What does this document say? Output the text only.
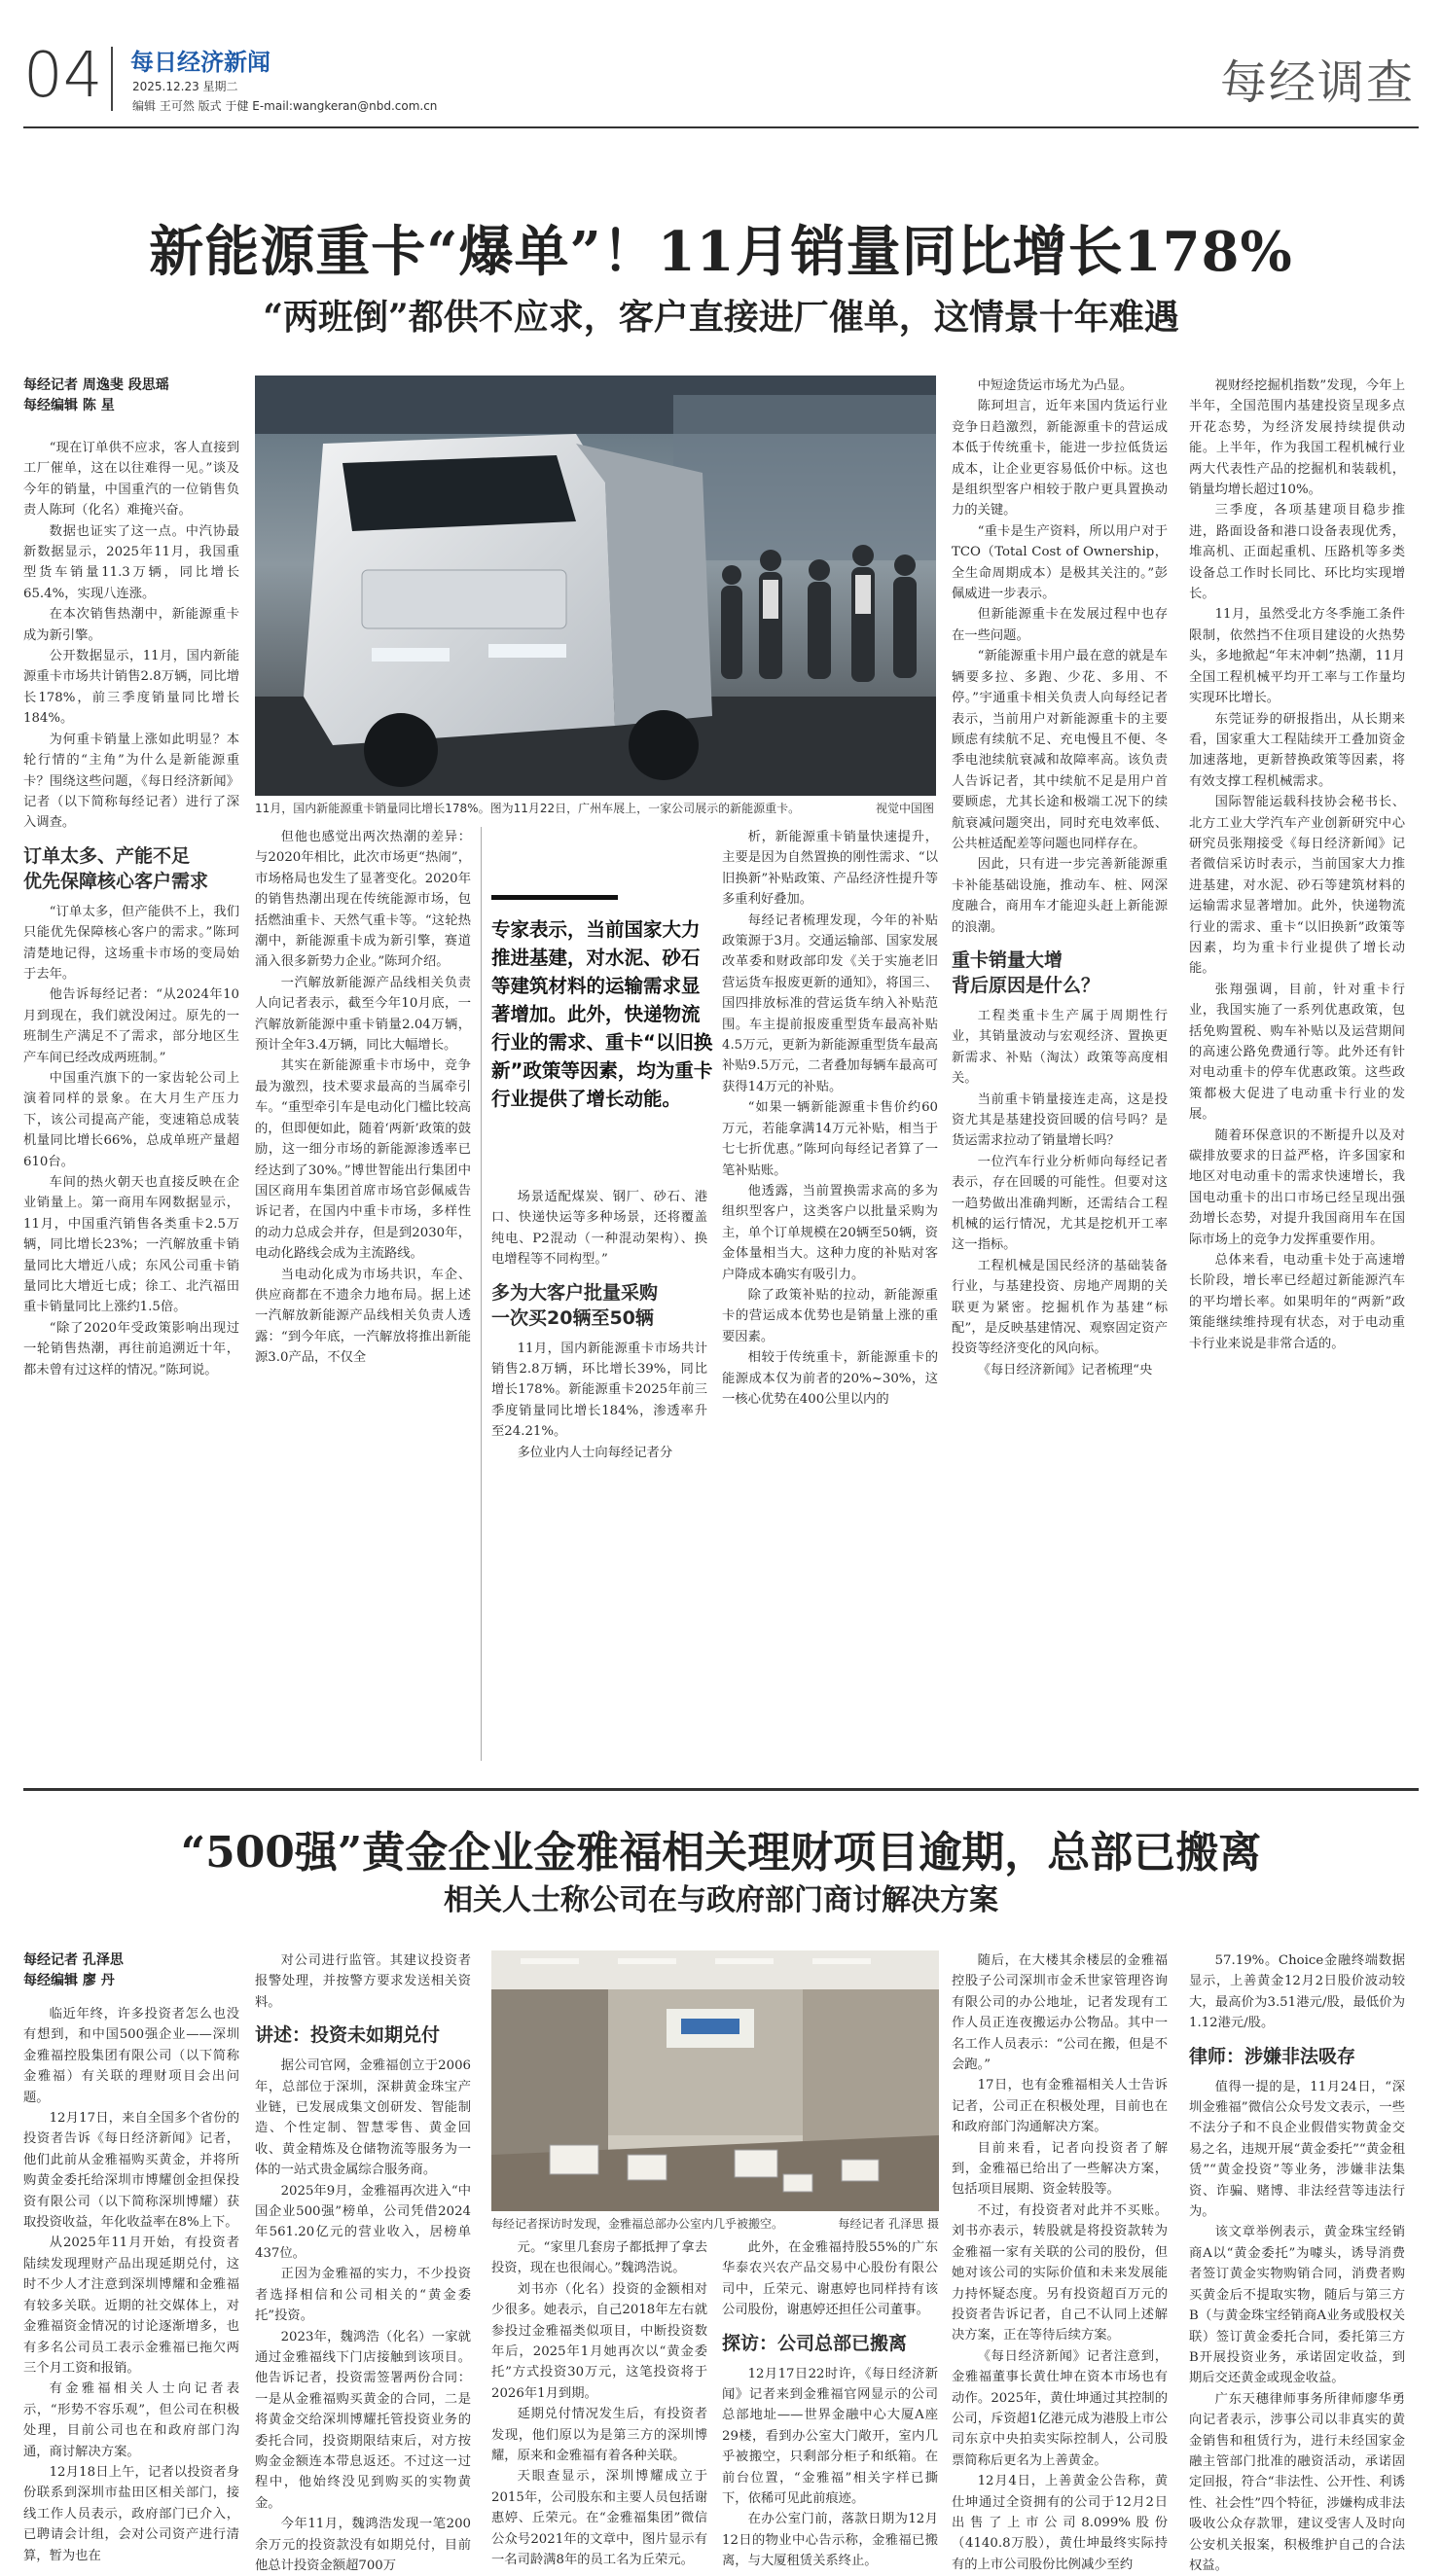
04 每日经济新闻
2025.12.23 星期二
编辑 王可然 版式 于健 E-mail:wangkeran@nbd.com.cn	每经调查
新能源重卡“爆单”！11月销量同比增长178%
“两班倒”都供不应求，客户直接进厂催单，这情景十年难遇
每经记者 周逸斐 段思瑶
每经编辑 陈 星

“现在订单供不应求，客人直接到工厂催单，这在以往难得一见。”谈及今年的销量，中国重汽的一位销售负责人陈珂（化名）难掩兴奋。

数据也证实了这一点。中汽协最新数据显示，2025年11月，我国重型货车销量11.3万辆，同比增长65.4%，实现八连涨。

在本次销售热潮中，新能源重卡成为新引擎。

公开数据显示，11月，国内新能源重卡市场共计销售2.8万辆，同比增长178%，前三季度销量同比增长184%。

为何重卡销量上涨如此明显？本轮行情的“主角”为什么是新能源重卡？围绕这些问题，《每日经济新闻》记者（以下简称每经记者）进行了深入调查。

订单太多、产能不足
优先保障核心客户需求

“订单太多，但产能供不上，我们只能优先保障核心客户的需求。”陈珂清楚地记得，这场重卡市场的变局始于去年。

他告诉每经记者：“从2024年10月到现在，我们就没闲过。原先的一班制生产满足不了需求，部分地区生产车间已经改成两班制。”

中国重汽旗下的一家齿轮公司上演着同样的景象。在大月生产压力下，该公司提高产能，变速箱总成装机量同比增长66%，总成单班产量超610台。

车间的热火朝天也直接反映在企业销量上。第一商用车网数据显示，11月，中国重汽销售各类重卡2.5万辆，同比增长23%；一汽解放重卡销量同比大增近八成；东风公司重卡销量同比大增近七成；徐工、北汽福田重卡销量同比上涨约1.5倍。

“除了2020年受政策影响出现过一轮销售热潮，再往前追溯近十年，都未曾有过这样的情况。”陈珂说。

11月，国内新能源重卡销量同比增长178%。图为11月22日，广州车展上，一家公司展示的新能源重卡。	视觉中国图

但他也感觉出两次热潮的差异：与2020年相比，此次市场更“热闹”，市场格局也发生了显著变化。2020年的销售热潮出现在传统能源市场，包括燃油重卡、天然气重卡等。“这轮热潮中，新能源重卡成为新引擎，赛道涌入很多新势力企业。”陈珂介绍。

一汽解放新能源产品线相关负责人向记者表示，截至今年10月底，一汽解放新能源中重卡销量2.04万辆，预计全年3.4万辆，同比大幅增长。

其实在新能源重卡市场中，竞争最为激烈，技术要求最高的当属牵引车。“重型牵引车是电动化门槛比较高的，但即便如此，随着‘两新’政策的鼓励，这一细分市场的新能源渗透率已经达到了30%。”博世智能出行集团中国区商用车集团首席市场官彭佩威告诉记者，在国内中重卡市场，多样性的动力总成会并存，但是到2030年，电动化路线会成为主流路线。

当电动化成为市场共识，车企、供应商都在不遗余力地布局。据上述一汽解放新能源产品线相关负责人透露：“到今年底，一汽解放将推出新能源3.0产品，不仅全

专家表示，当前国家大力推进基建，对水泥、砂石等建筑材料的运输需求显著增加。此外，快递物流行业的需求、重卡“以旧换新”政策等因素，均为重卡行业提供了增长动能。

场景适配煤炭、钢厂、砂石、港口、快递快运等多种场景，还将覆盖纯电、P2混动（一种混动架构）、换电增程等不同构型。”

多为大客户批量采购
一次买20辆至50辆

11月，国内新能源重卡市场共计销售2.8万辆，环比增长39%，同比增长178%。新能源重卡2025年前三季度销量同比增长184%，渗透率升至24.21%。

多位业内人士向每经记者分

析，新能源重卡销量快速提升，主要是因为自然置换的刚性需求、“以旧换新”补贴政策、产品经济性提升等多重利好叠加。

每经记者梳理发现，今年的补贴政策源于3月。交通运输部、国家发展改革委和财政部印发《关于实施老旧营运货车报废更新的通知》，将国三、国四排放标准的营运货车纳入补贴范围。车主提前报废重型货车最高补贴4.5万元，更新为新能源重型货车最高补贴9.5万元，二者叠加每辆车最高可获得14万元的补贴。

“如果一辆新能源重卡售价约60万元，若能拿满14万元补贴，相当于七七折优惠。”陈珂向每经记者算了一笔补贴账。

他透露，当前置换需求高的多为组织型客户，这类客户以批量采购为主，单个订单规模在20辆至50辆，资金体量相当大。这种力度的补贴对客户降成本确实有吸引力。

除了政策补贴的拉动，新能源重卡的营运成本优势也是销量上涨的重要因素。

相较于传统重卡，新能源重卡的能源成本仅为前者的20%~30%，这一核心优势在400公里以内的

中短途货运市场尤为凸显。

陈珂坦言，近年来国内货运行业竞争日趋激烈，新能源重卡的营运成本低于传统重卡，能进一步拉低货运成本，让企业更容易低价中标。这也是组织型客户相较于散户更具置换动力的关键。

“重卡是生产资料，所以用户对于TCO（Total Cost of Ownership，全生命周期成本）是极其关注的。”彭佩威进一步表示。

但新能源重卡在发展过程中也存在一些问题。

“新能源重卡用户最在意的就是车辆要多拉、多跑、少花、多用、不停。”宇通重卡相关负责人向每经记者表示，当前用户对新能源重卡的主要顾虑有续航不足、充电慢且不便、冬季电池续航衰减和故障率高。该负责人告诉记者，其中续航不足是用户首要顾虑，尤其长途和极端工况下的续航衰减问题突出，同时充电效率低、公共桩适配差等问题也同样存在。

因此，只有进一步完善新能源重卡补能基础设施，推动车、桩、网深度融合，商用车才能迎头赶上新能源的浪潮。

重卡销量大增
背后原因是什么？

工程类重卡生产属于周期性行业，其销量波动与宏观经济、置换更新需求、补贴（淘汰）政策等高度相关。

当前重卡销量接连走高，这是投资尤其是基建投资回暖的信号吗？是货运需求拉动了销量增长吗？

一位汽车行业分析师向每经记者表示，存在回暖的可能性。但要对这一趋势做出准确判断，还需结合工程机械的运行情况，尤其是挖机开工率这一指标。

工程机械是国民经济的基础装备行业，与基建投资、房地产周期的关联更为紧密。挖掘机作为基建“标配”，是反映基建情况、观察固定资产投资等经济变化的风向标。

《每日经济新闻》记者梳理“央

视财经挖掘机指数”发现，今年上半年，全国范围内基建投资呈现多点开花态势，为经济发展持续提供动能。上半年，作为我国工程机械行业两大代表性产品的挖掘机和装载机，销量均增长超过10%。

三季度，各项基建项目稳步推进，路面设备和港口设备表现优秀，堆高机、正面起重机、压路机等多类设备总工作时长同比、环比均实现增长。

11月，虽然受北方冬季施工条件限制，依然挡不住项目建设的火热势头，多地掀起“年末冲刺”热潮，11月全国工程机械平均开工率与工作量均实现环比增长。

东莞证券的研报指出，从长期来看，国家重大工程陆续开工叠加资金加速落地，更新替换政策等因素，将有效支撑工程机械需求。

国际智能运载科技协会秘书长、北方工业大学汽车产业创新研究中心研究员张翔接受《每日经济新闻》记者微信采访时表示，当前国家大力推进基建，对水泥、砂石等建筑材料的运输需求显著增加。此外，快递物流行业的需求、重卡“以旧换新”政策等因素，均为重卡行业提供了增长动能。

张翔强调，目前，针对重卡行业，我国实施了一系列优惠政策，包括免购置税、购车补贴以及运营期间的高速公路免费通行等。此外还有针对电动重卡的停车优惠政策。这些政策都极大促进了电动重卡行业的发展。

随着环保意识的不断提升以及对碳排放要求的日益严格，许多国家和地区对电动重卡的需求快速增长，我国电动重卡的出口市场已经呈现出强劲增长态势，对提升我国商用车在国际市场上的竞争力发挥重要作用。

总体来看，电动重卡处于高速增长阶段，增长率已经超过新能源汽车的平均增长率。如果明年的“两新”政策能继续维持现有状态，对于电动重卡行业来说是非常合适的。

“500强”黄金企业金雅福相关理财项目逾期，总部已搬离
相关人士称公司在与政府部门商讨解决方案
每经记者 孔泽思
每经编辑 廖 丹

临近年终，许多投资者怎么也没有想到，和中国500强企业——深圳金雅福控股集团有限公司（以下简称金雅福）有关联的理财项目会出问题。

12月17日，来自全国多个省份的投资者告诉《每日经济新闻》记者，他们此前从金雅福购买黄金，并将所购黄金委托给深圳市博耀创金担保投资有限公司（以下简称深圳博耀）获取投资收益，年化收益率在8%上下。

从2025年11月开始，有投资者陆续发现理财产品出现延期兑付，这时不少人才注意到深圳博耀和金雅福有较多关联。近期的社交媒体上，对金雅福资金情况的讨论逐渐增多，也有多名公司员工表示金雅福已拖欠两三个月工资和报销。

有金雅福相关人士向记者表示，“形势不容乐观”，但公司在积极处理，目前公司也在和政府部门沟通，商讨解决方案。

12月18日上午，记者以投资者身份联系到深圳市盐田区相关部门，接线工作人员表示，政府部门已介入，已聘请会计组，会对公司资产进行清算，暂为也在

对公司进行监管。其建议投资者报警处理，并按警方要求发送相关资料。

讲述：投资未如期兑付

据公司官网，金雅福创立于2006年，总部位于深圳，深耕黄金珠宝产业链，已发展成集文创研发、智能制造、个性定制、智慧零售、黄金回收、黄金精炼及仓储物流等服务为一体的一站式贵金属综合服务商。

2025年9月，金雅福再次进入“中国企业500强”榜单，公司凭借2024年561.20亿元的营业收入，居榜单437位。

正因为金雅福的实力，不少投资者选择相信和公司相关的“黄金委托”投资。

2023年，魏鸿浩（化名）一家就通过金雅福线下门店接触到该项目。他告诉记者，投资需签署两份合同：一是从金雅福购买黄金的合同，二是将黄金交给深圳博耀托管投资业务的委托合同，投资期限结束后，对方按购金金额连本带息返还。不过这一过程中，他始终没见到购买的实物黄金。

今年11月，魏鸿浩发现一笔200余万元的投资款没有如期兑付，目前他总计投资金额超700万

每经记者探访时发现，金雅福总部办公室内几乎被搬空。	每经记者 孔泽思 摄

元。“家里几套房子都抵押了拿去投资，现在也很闹心。”魏鸿浩说。

刘书亦（化名）投资的金额相对少很多。她表示，自己2018年左右就参投过金雅福类似项目，中断投资数年后，2025年1月她再次以“黄金委托”方式投资30万元，这笔投资将于2026年1月到期。

延期兑付情况发生后，有投资者发现，他们原以为是第三方的深圳博耀，原来和金雅福有着各种关联。

天眼查显示，深圳博耀成立于2015年，公司股东和主要人员包括谢惠婷、丘荣元。在“金雅福集团”微信公众号2021年的文章中，图片显示有一名司龄满8年的员工名为丘荣元。

此外，在金雅福持股55%的广东华泰农兴农产品交易中心股份有限公司中，丘荣元、谢惠婷也同样持有该公司股份，谢惠婷还担任公司董事。

探访：公司总部已搬离

12月17日22时许，《每日经济新闻》记者来到金雅福官网显示的公司总部地址——世界金融中心大厦A座29楼，看到办公室大门敞开，室内几乎被搬空，只剩部分柜子和纸箱。在前台位置，“金雅福”相关字样已撕下，依稀可见此前痕迹。

在办公室门前，落款日期为12月12日的物业中心告示称，金雅福已搬离，与大厦租赁关系终止。

随后，在大楼其余楼层的金雅福控股子公司深圳市金禾世家管理咨询有限公司的办公地址，记者发现有工作人员正连夜搬运办公物品。其中一名工作人员表示：“公司在搬，但是不会跑。”

17日，也有金雅福相关人士告诉记者，公司正在积极处理，目前也在和政府部门沟通解决方案。

目前来看，记者向投资者了解到，金雅福已给出了一些解决方案，包括项目展期、资金转股等。

不过，有投资者对此并不买账。刘书亦表示，转股就是将投资款转为金雅福一家有关联的公司的股份，但她对该公司的实际价值和未来发展能力持怀疑态度。另有投资超百万元的投资者告诉记者，自己不认同上述解决方案，正在等待后续方案。

《每日经济新闻》记者注意到，金雅福董事长黄仕坤在资本市场也有动作。2025年，黄仕坤通过其控制的公司，斥资超1亿港元成为港股上市公司东京中央拍卖实际控制人，公司股票简称后更名为上善黄金。

12月4日，上善黄金公告称，黄仕坤通过全资拥有的公司于12月2日出售了上市公司8.099%股份（4140.8万股），黄仕坤最终实际持有的上市公司股份比例减少至约

57.19%。Choice金融终端数据显示，上善黄金12月2日股价波动较大，最高价为3.51港元/股，最低价为1.12港元/股。

律师：涉嫌非法吸存

值得一提的是，11月24日，“深圳金雅福”微信公众号发文表示，一些不法分子和不良企业假借实物黄金交易之名，违规开展“黄金委托”“黄金租赁”“黄金投资”等业务，涉嫌非法集资、诈骗、赌博、非法经营等违法行为。

该文章举例表示，黄金珠宝经销商A以“黄金委托”为噱头，诱导消费者签订黄金实物购销合同，消费者购买黄金后不提取实物，随后与第三方B（与黄金珠宝经销商A业务或股权关联）签订黄金委托合同，委托第三方B开展投资业务，承诺固定收益，到期后交还黄金或现金收益。

广东天穗律师事务所律师廖华勇向记者表示，涉事公司以非真实的黄金销售和租赁行为，进行未经国家金融主管部门批准的融资活动，承诺固定回报，符合“非法性、公开性、利诱性、社会性”四个特征，涉嫌构成非法吸收公众存款罪，建议受害人及时向公安机关报案，积极维护自己的合法权益。
